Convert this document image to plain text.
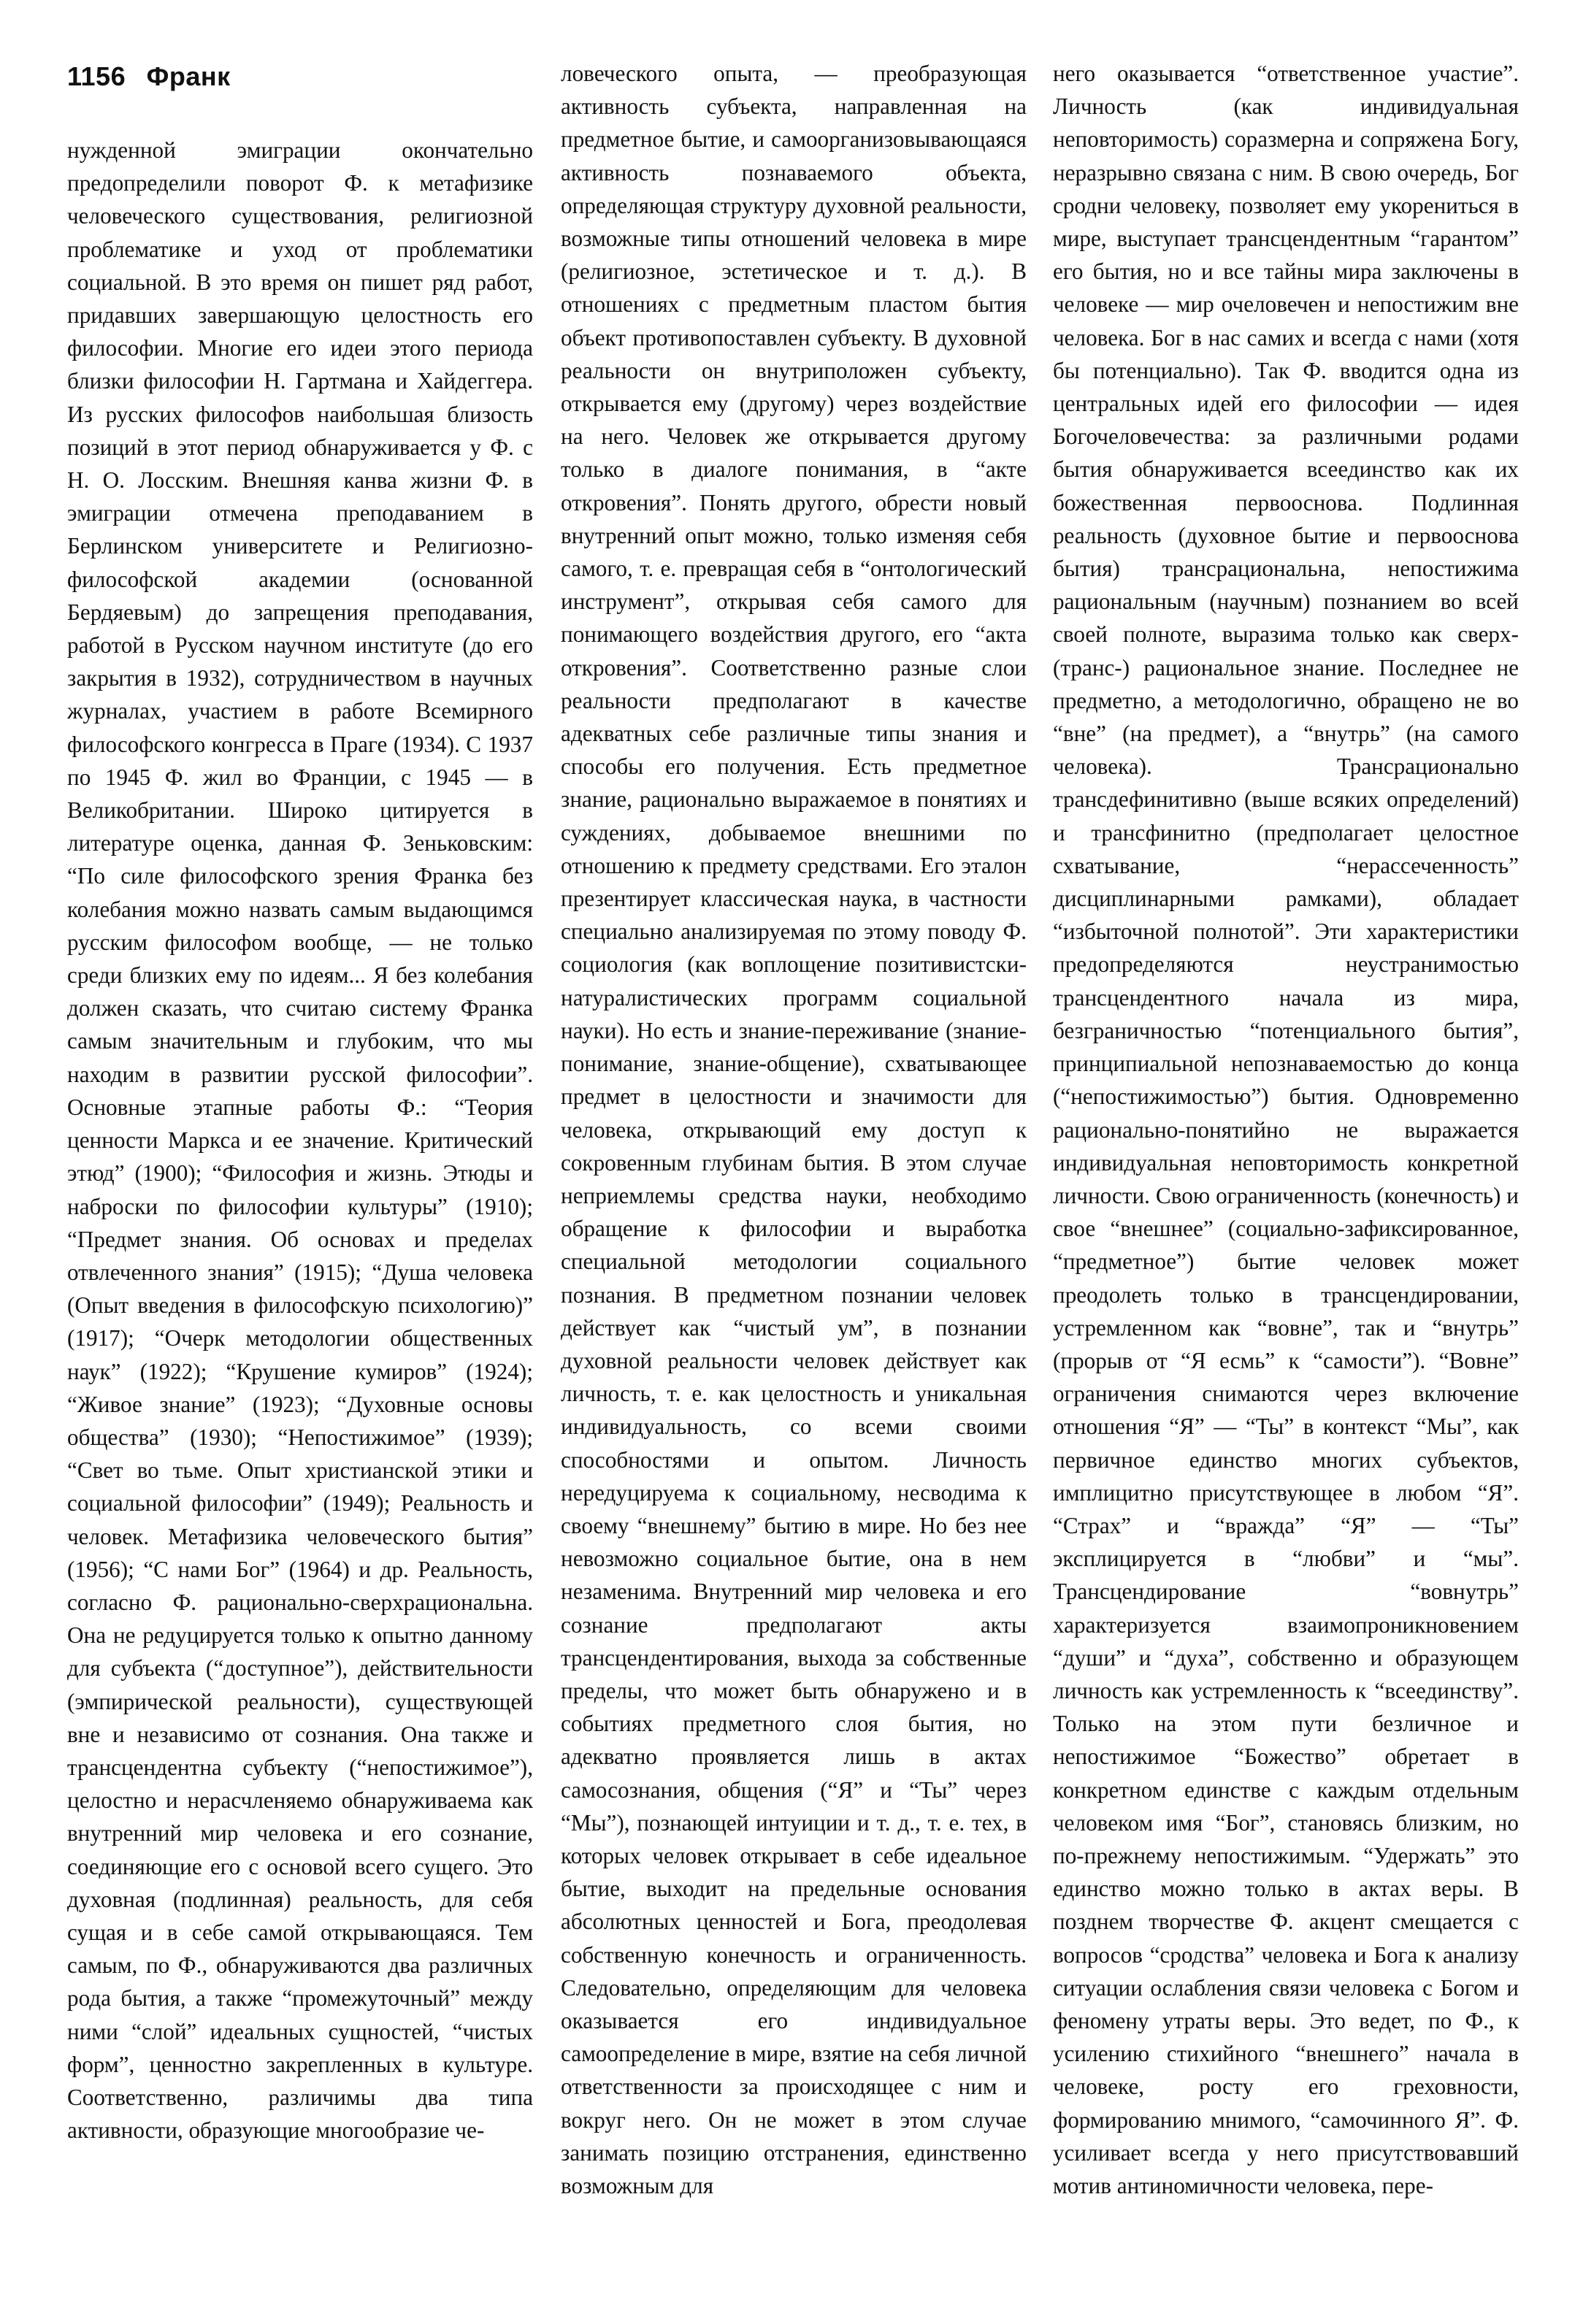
1156 Франк

нужденной эмиграции окончательно предопределили поворот Ф. к метафизике человеческого существования, религиозной проблематике и уход от проблематики социальной. В это время он пишет ряд работ, придавших завершающую целостность его философии. Многие его идеи этого периода близки философии Н. Гартмана и Хайдеггера. Из русских философов наибольшая близость позиций в этот период обнаруживается у Ф. с Н. О. Лосским. Внешняя канва жизни Ф. в эмиграции отмечена преподаванием в Берлинском университете и Религиозно-философской академии (основанной Бердяевым) до запрещения преподавания, работой в Русском научном институте (до его закрытия в 1932), сотрудничеством в научных журналах, участием в работе Всемирного философского конгресса в Праге (1934). С 1937 по 1945 Ф. жил во Франции, с 1945 — в Великобритании. Широко цитируется в литературе оценка, данная Ф. Зеньковским: “По силе философского зрения Франка без колебания можно назвать самым выдающимся русским философом вообще, — не только среди близких ему по идеям... Я без колебания должен сказать, что считаю систему Франка самым значительным и глубоким, что мы находим в развитии русской философии”. Основные этапные работы Ф.: “Теория ценности Маркса и ее значение. Критический этюд” (1900); “Философия и жизнь. Этюды и наброски по философии культуры” (1910); “Предмет знания. Об основах и пределах отвлеченного знания” (1915); “Душа человека (Опыт введения в философскую психологию)” (1917); “Очерк методологии общественных наук” (1922); “Крушение кумиров” (1924); “Живое знание” (1923); “Духовные основы общества” (1930); “Непостижимое” (1939); “Свет во тьме. Опыт христианской этики и социальной философии” (1949); Реальность и человек. Метафизика человеческого бытия” (1956); “С нами Бог” (1964) и др. Реальность, согласно Ф. рационально-сверхрациональна. Она не редуцируется только к опытно данному для субъекта (“доступное”), действительности (эмпирической реальности), существующей вне и независимо от сознания. Она также и трансцендентна субъекту (“непостижимое”), целостно и нерасчленяемо обнаруживаема как внутренний мир человека и его сознание, соединяющие его с основой всего сущего. Это духовная (подлинная) реальность, для себя сущая и в себе самой открывающаяся. Тем самым, по Ф., обнаруживаются два различных рода бытия, а также “промежуточный” между ними “слой” идеальных сущностей, “чистых форм”, ценностно закрепленных в культуре. Соответственно, различимы два типа активности, образующие многообразие че-

ловеческого опыта, — преобразующая активность субъекта, направленная на предметное бытие, и самоорганизовывающаяся активность познаваемого объекта, определяющая структуру духовной реальности, возможные типы отношений человека в мире (религиозное, эстетическое и т. д.). В отношениях с предметным пластом бытия объект противопоставлен субъекту. В духовной реальности он внутриположен субъекту, открывается ему (другому) через воздействие на него. Человек же открывается другому только в диалоге понимания, в “акте откровения”. Понять другого, обрести новый внутренний опыт можно, только изменяя себя самого, т. е. превращая себя в “онтологический инструмент”, открывая себя самого для понимающего воздействия другого, его “акта откровения”. Соответственно разные слои реальности предполагают в качестве адекватных себе различные типы знания и способы его получения. Есть предметное знание, рационально выражаемое в понятиях и суждениях, добываемое внешними по отношению к предмету средствами. Его эталон презентирует классическая наука, в частности специально анализируемая по этому поводу Ф. социология (как воплощение позитивистски-натуралистических программ социальной науки). Но есть и знание-переживание (знание-понимание, знание-общение), схватывающее предмет в целостности и значимости для человека, открывающий ему доступ к сокровенным глубинам бытия. В этом случае неприемлемы средства науки, необходимо обращение к философии и выработка специальной методологии социального познания. В предметном познании человек действует как “чистый ум”, в познании духовной реальности человек действует как личность, т. е. как целостность и уникальная индивидуальность, со всеми своими способностями и опытом. Личность нередуцируема к социальному, несводима к своему “внешнему” бытию в мире. Но без нее невозможно социальное бытие, она в нем незаменима. Внутренний мир человека и его сознание предполагают акты трансцендентирования, выхода за собственные пределы, что может быть обнаружено и в событиях предметного слоя бытия, но адекватно проявляется лишь в актах самосознания, общения (“Я” и “Ты” через “Мы”), познающей интуиции и т. д., т. е. тех, в которых человек открывает в себе идеальное бытие, выходит на предельные основания абсолютных ценностей и Бога, преодолевая собственную конечность и ограниченность. Следовательно, определяющим для человека оказывается его индивидуальное самоопределение в мире, взятие на себя личной ответственности за происходящее с ним и вокруг него. Он не может в этом случае занимать позицию отстранения, единственно возможным для

него оказывается “ответственное участие”. Личность (как индивидуальная неповторимость) соразмерна и сопряжена Богу, неразрывно связана с ним. В свою очередь, Бог сродни человеку, позволяет ему укорениться в мире, выступает трансцендентным “гарантом” его бытия, но и все тайны мира заключены в человеке — мир очеловечен и непостижим вне человека. Бог в нас самих и всегда с нами (хотя бы потенциально). Так Ф. вводится одна из центральных идей его философии — идея Богочеловечества: за различными родами бытия обнаруживается всеединство как их божественная первооснова. Подлинная реальность (духовное бытие и первооснова бытия) трансрациональна, непостижима рациональным (научным) познанием во всей своей полноте, выразима только как сверх- (транс-) рациональное знание. Последнее не предметно, а методологично, обращено не во “вне” (на предмет), а “внутрь” (на самого человека). Трансрационально трансдефинитивно (выше всяких определений) и трансфинитно (предполагает целостное схватывание, “нерассеченность” дисциплинарными рамками), обладает “избыточной полнотой”. Эти характеристики предопределяются неустранимостью трансцендентного начала из мира, безграничностью “потенциального бытия”, принципиальной непознаваемостью до конца (“непостижимостью”) бытия. Одновременно рационально-понятийно не выражается индивидуальная неповторимость конкретной личности. Свою ограниченность (конечность) и свое “внешнее” (социально-зафиксированное, “предметное”) бытие человек может преодолеть только в трансцендировании, устремленном как “вовне”, так и “внутрь” (прорыв от “Я есмь” к “самости”). “Вовне” ограничения снимаются через включение отношения “Я” — “Ты” в контекст “Мы”, как первичное единство многих субъектов, имплицитно присутствующее в любом “Я”. “Страх” и “вражда” “Я” — “Ты” эксплицируется в “любви” и “мы”. Трансцендирование “вовнутрь” характеризуется взаимопроникновением “души” и “духа”, собственно и образующем личность как устремленность к “всеединству”. Только на этом пути безличное и непостижимое “Божество” обретает в конкретном единстве с каждым отдельным человеком имя “Бог”, становясь близким, но по-прежнему непостижимым. “Удержать” это единство можно только в актах веры. В позднем творчестве Ф. акцент смещается с вопросов “сродства” человека и Бога к анализу ситуации ослабления связи человека с Богом и феномену утраты веры. Это ведет, по Ф., к усилению стихийного “внешнего” начала в человеке, росту его греховности, формированию мнимого, “самочинного Я”. Ф. усиливает всегда у него присутствовавший мотив антиномичности человека, пере-
